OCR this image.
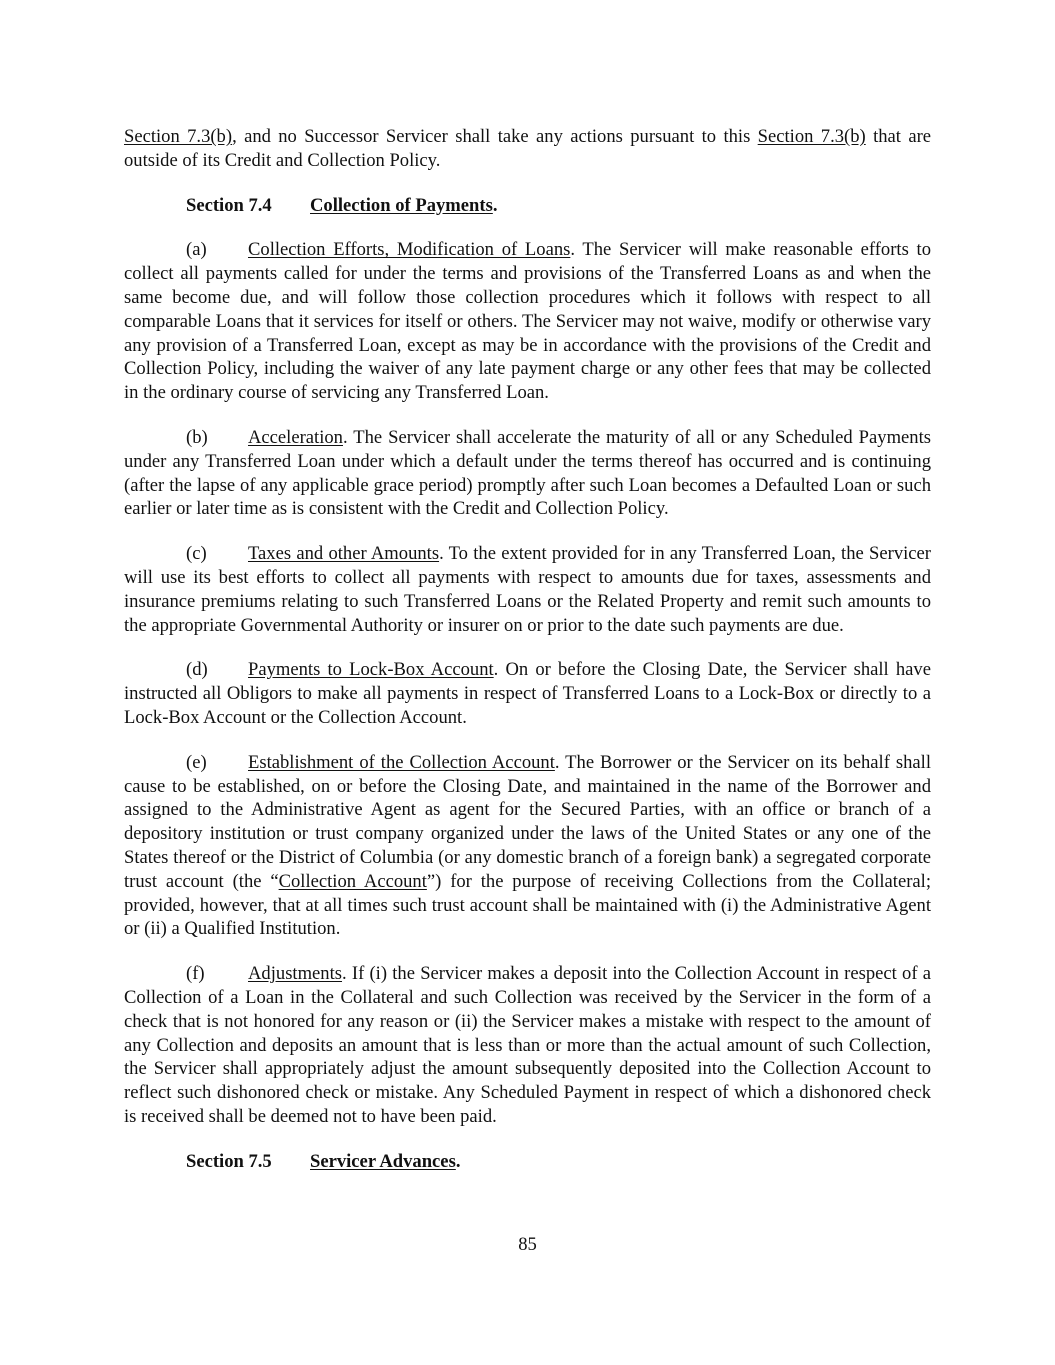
Section 7.3(b), and no Successor Servicer shall take any actions pursuant to this Section 7.3(b) that are outside of its Credit and Collection Policy.

Section 7.4 Collection of Payments.

(a) Collection Efforts, Modification of Loans. The Servicer will make reasonable efforts to collect all payments called for under the terms and provisions of the Transferred Loans as and when the same become due, and will follow those collection procedures which it follows with respect to all comparable Loans that it services for itself or others. The Servicer may not waive, modify or otherwise vary any provision of a Transferred Loan, except as may be in accordance with the provisions of the Credit and Collection Policy, including the waiver of any late payment charge or any other fees that may be collected in the ordinary course of servicing any Transferred Loan.

(b) Acceleration. The Servicer shall accelerate the maturity of all or any Scheduled Payments under any Transferred Loan under which a default under the terms thereof has occurred and is continuing (after the lapse of any applicable grace period) promptly after such Loan becomes a Defaulted Loan or such earlier or later time as is consistent with the Credit and Collection Policy.

(c) Taxes and other Amounts. To the extent provided for in any Transferred Loan, the Servicer will use its best efforts to collect all payments with respect to amounts due for taxes, assessments and insurance premiums relating to such Transferred Loans or the Related Property and remit such amounts to the appropriate Governmental Authority or insurer on or prior to the date such payments are due.

(d) Payments to Lock-Box Account. On or before the Closing Date, the Servicer shall have instructed all Obligors to make all payments in respect of Transferred Loans to a Lock-Box or directly to a Lock-Box Account or the Collection Account.

(e) Establishment of the Collection Account. The Borrower or the Servicer on its behalf shall cause to be established, on or before the Closing Date, and maintained in the name of the Borrower and assigned to the Administrative Agent as agent for the Secured Parties, with an office or branch of a depository institution or trust company organized under the laws of the United States or any one of the States thereof or the District of Columbia (or any domestic branch of a foreign bank) a segregated corporate trust account (the “Collection Account”) for the purpose of receiving Collections from the Collateral; provided, however, that at all times such trust account shall be maintained with (i) the Administrative Agent or (ii) a Qualified Institution.

(f) Adjustments. If (i) the Servicer makes a deposit into the Collection Account in respect of a Collection of a Loan in the Collateral and such Collection was received by the Servicer in the form of a check that is not honored for any reason or (ii) the Servicer makes a mistake with respect to the amount of any Collection and deposits an amount that is less than or more than the actual amount of such Collection, the Servicer shall appropriately adjust the amount subsequently deposited into the Collection Account to reflect such dishonored check or mistake. Any Scheduled Payment in respect of which a dishonored check is received shall be deemed not to have been paid.

Section 7.5 Servicer Advances.

85
